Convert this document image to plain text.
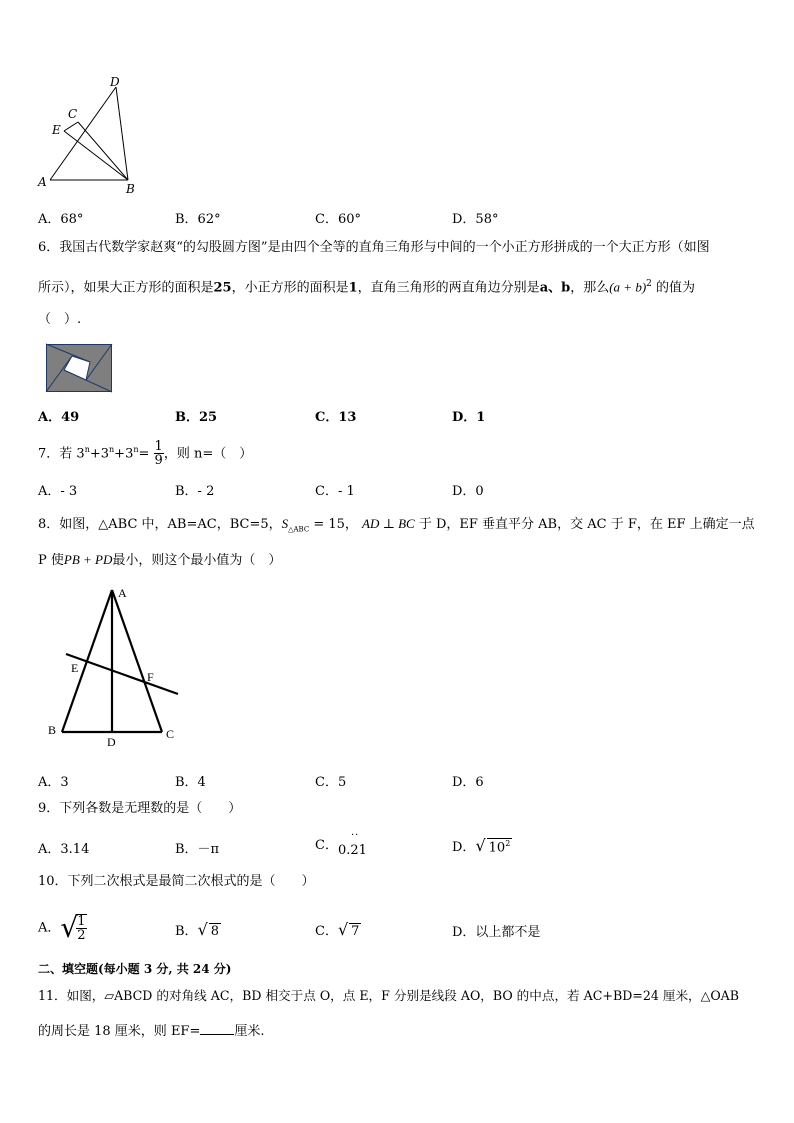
D
C
E
A	B
A．68°	B．62°	C．60°	D．58°
6．我国古代数学家赵爽“的勾股圆方图”是由四个全等的直角三角形与中间的一个小正方形拼成的一个大正方形（如图
所示），如果大正方形的面积是25，小正方形的面积是1，直角三角形的两直角边分别是a、b，那么$(a + b)^2$ 的值为
（　）.
A．49	B．25	C．13	D．1
7．若 $3^n+3^n+3^n= \frac{1}{9}$ ，则 n=（　）
A．- 3	B．- 2	C．- 1	D．0
8．如图，△ABC 中，AB=AC，BC=5，$S_{\triangle ABC} = 15$， AD ⊥ BC 于 D，EF 垂直平分 AB，交 AC 于 F，在 EF 上确定一点
P 使PB + PD最小，则这个最小值为（　）
A
E
F
B
D
C
A．3	B．4	C．5	D．6
9．下列各数是无理数的是（　　）
A．3.14	B．－π	C．
··
0.21	D．√ $10^2$
10．下列二次根式是最简二次根式的是（　　）
A．√
$\frac{1}{2}$	B．√ 8	C．√ 7	D．以上都不是
二、填空题(每小题 3 分, 共 24 分)
11．如图，▱ABCD 的对角线 AC，BD 相交于点 O，点 E，F 分别是线段 AO，BO 的中点，若 AC+BD=24 厘米，△OAB
的周长是 18 厘米，则 EF=	厘米.
